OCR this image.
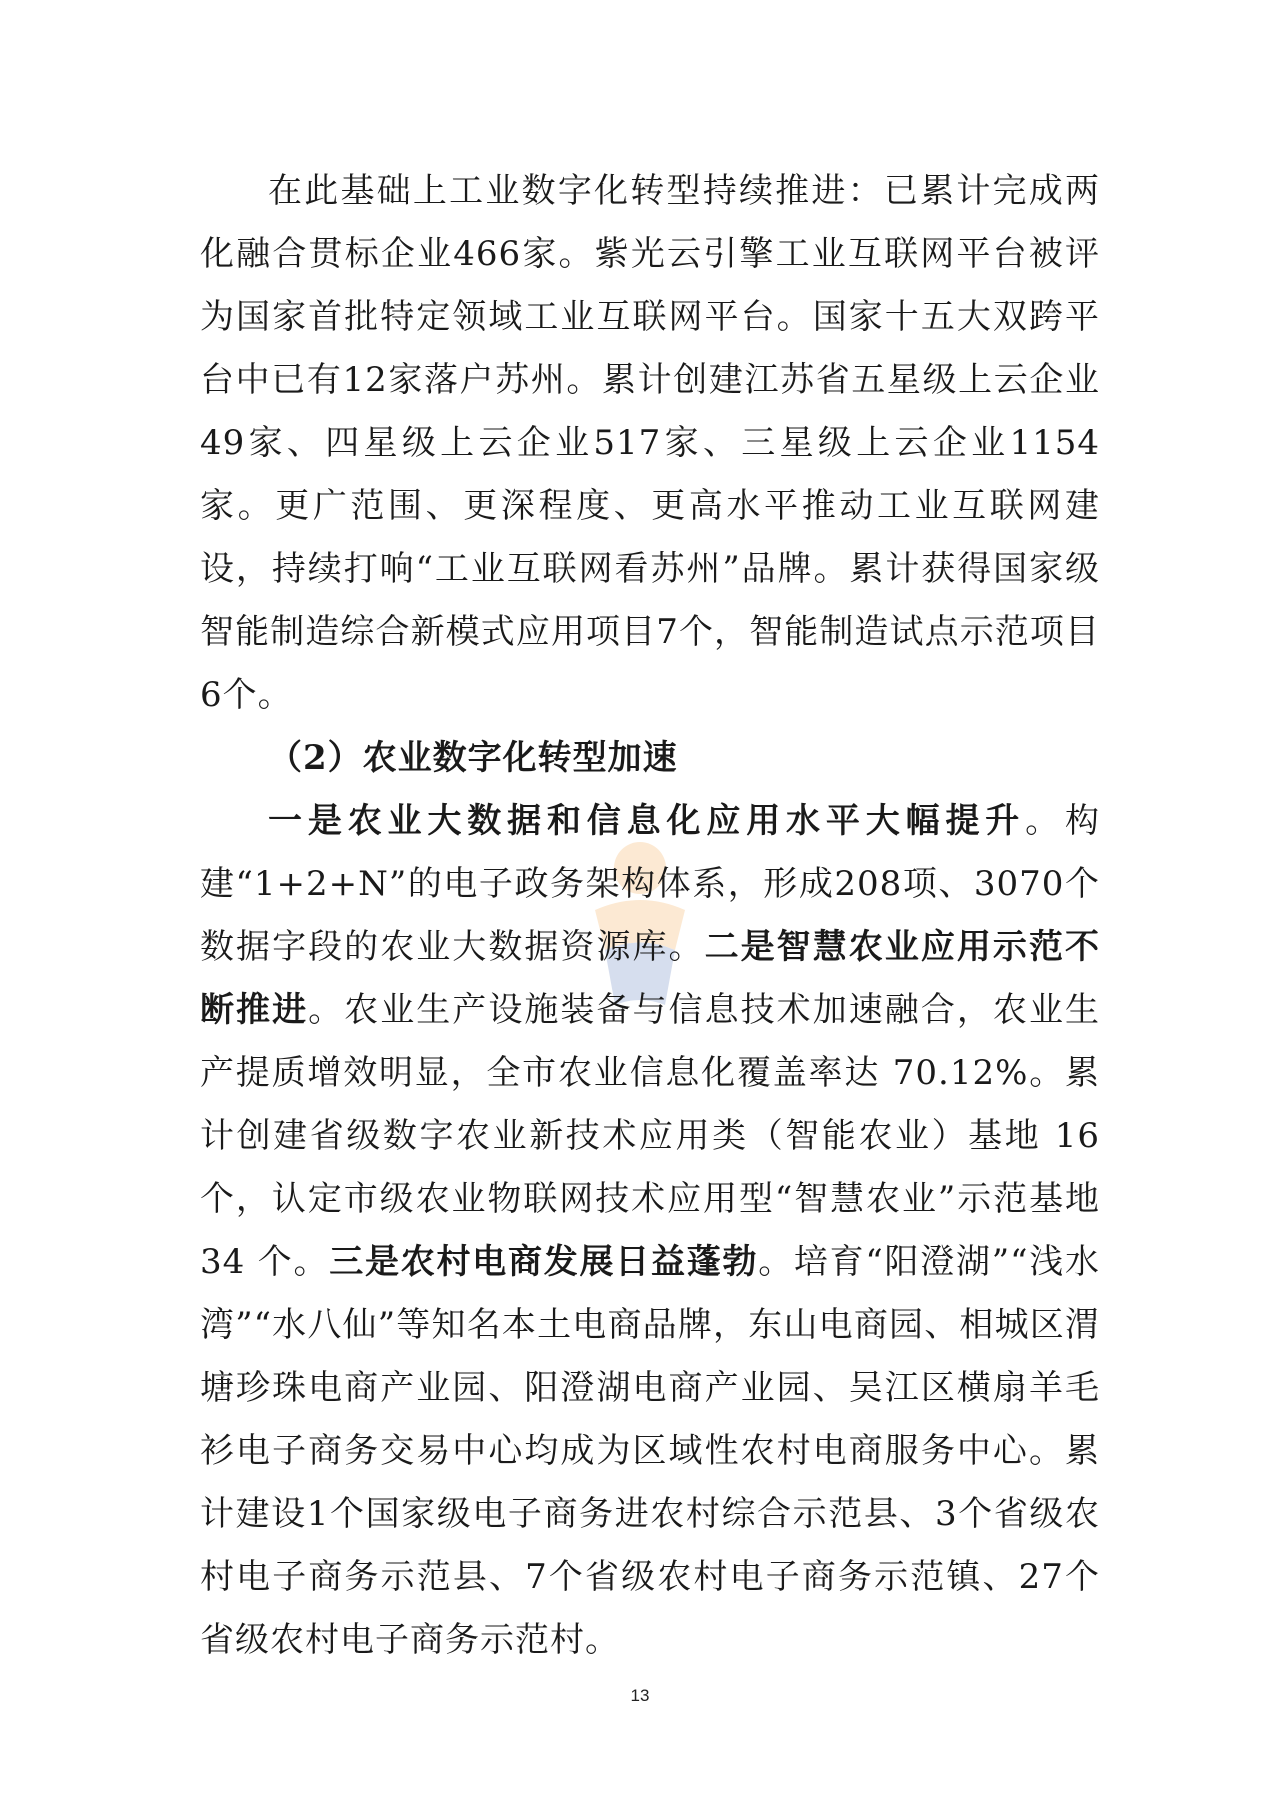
在此基础上工业数字化转型持续推进：已累计完成两化融合贯标企业466家。紫光云引擎工业互联网平台被评为国家首批特定领域工业互联网平台。国家十五大双跨平台中已有12家落户苏州。累计创建江苏省五星级上云企业49家、四星级上云企业517家、三星级上云企业1154家。更广范围、更深程度、更高水平推动工业互联网建设，持续打响“工业互联网看苏州”品牌。累计获得国家级智能制造综合新模式应用项目7个，智能制造试点示范项目6个。

（2）农业数字化转型加速

一是农业大数据和信息化应用水平大幅提升。构建“1+2+N”的电子政务架构体系，形成208项、3070个数据字段的农业大数据资源库。二是智慧农业应用示范不断推进。农业生产设施装备与信息技术加速融合，农业生产提质增效明显，全市农业信息化覆盖率达 70.12%。累计创建省级数字农业新技术应用类（智能农业）基地 16 个，认定市级农业物联网技术应用型“智慧农业”示范基地 34 个。三是农村电商发展日益蓬勃。培育“阳澄湖”“浅水湾”“水八仙”等知名本土电商品牌，东山电商园、相城区渭塘珍珠电商产业园、阳澄湖电商产业园、吴江区横扇羊毛衫电子商务交易中心均成为区域性农村电商服务中心。累计建设1个国家级电子商务进农村综合示范县、3个省级农村电子商务示范县、7个省级农村电子商务示范镇、27个省级农村电子商务示范村。

13
